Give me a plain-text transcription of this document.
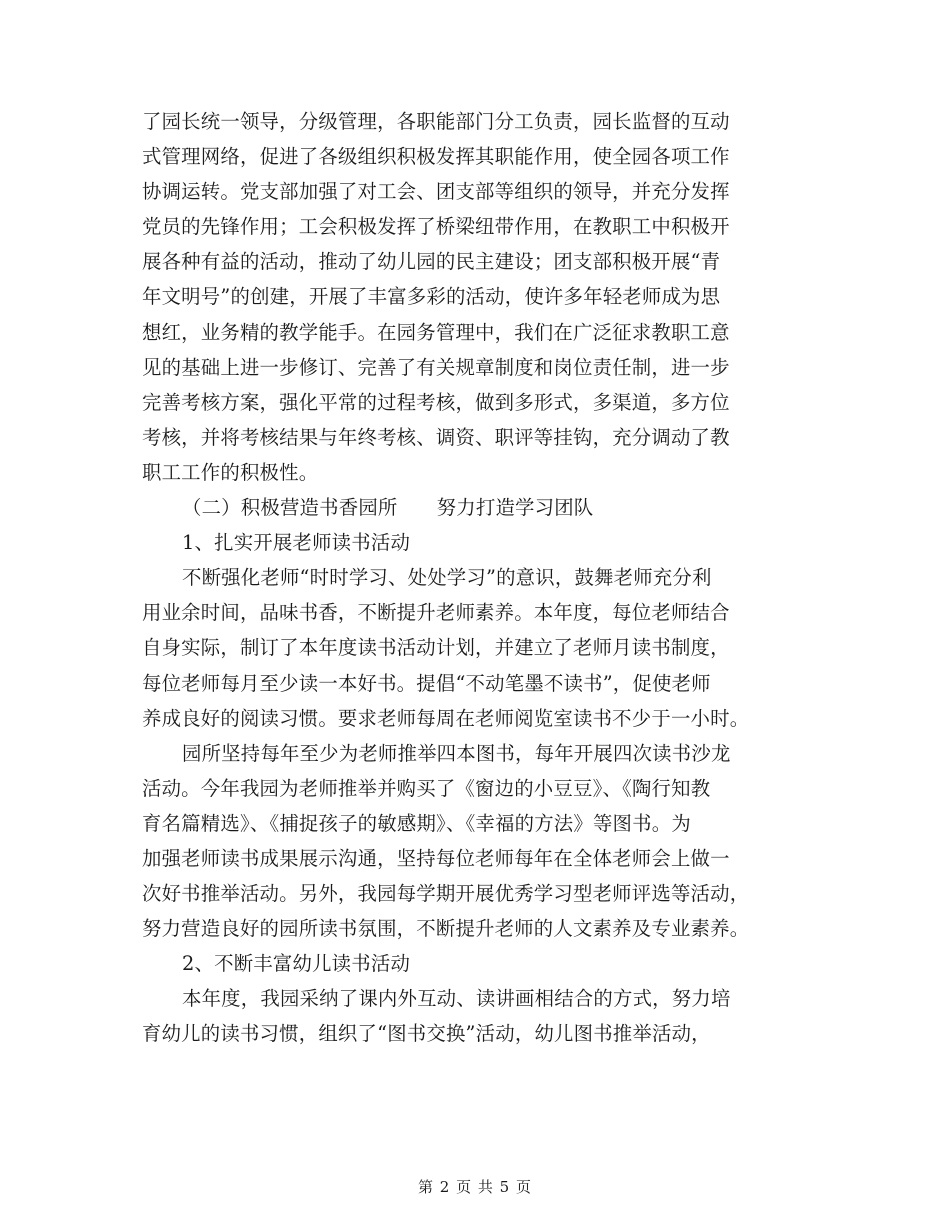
了园长统一领导，分级管理，各职能部门分工负责，园长监督的互动
式管理网络，促进了各级组织积极发挥其职能作用，使全园各项工作
协调运转。党支部加强了对工会、团支部等组织的领导，并充分发挥
党员的先锋作用；工会积极发挥了桥梁纽带作用，在教职工中积极开
展各种有益的活动，推动了幼儿园的民主建设；团支部积极开展“青
年文明号”的创建，开展了丰富多彩的活动，使许多年轻老师成为思
想红，业务精的教学能手。在园务管理中，我们在广泛征求教职工意
见的基础上进一步修订、完善了有关规章制度和岗位责任制，进一步
完善考核方案，强化平常的过程考核，做到多形式，多渠道，多方位
考核，并将考核结果与年终考核、调资、职评等挂钩，充分调动了教
职工工作的积极性。
（二）积极营造书香园所　　努力打造学习团队
1、扎实开展老师读书活动
不断强化老师“时时学习、处处学习”的意识，鼓舞老师充分利
用业余时间，品味书香，不断提升老师素养。本年度，每位老师结合
自身实际，制订了本年度读书活动计划，并建立了老师月读书制度，
每位老师每月至少读一本好书。提倡“不动笔墨不读书”，促使老师
养成良好的阅读习惯。要求老师每周在老师阅览室读书不少于一小时。
园所坚持每年至少为老师推举四本图书，每年开展四次读书沙龙
活动。今年我园为老师推举并购买了《窗边的小豆豆》、《陶行知教
育名篇精选》、《捕捉孩子的敏感期》、《幸福的方法》等图书。为
加强老师读书成果展示沟通，坚持每位老师每年在全体老师会上做一
次好书推举活动。另外，我园每学期开展优秀学习型老师评选等活动，
努力营造良好的园所读书氛围，不断提升老师的人文素养及专业素养。
2、不断丰富幼儿读书活动
本年度，我园采纳了课内外互动、读讲画相结合的方式，努力培
育幼儿的读书习惯，组织了“图书交换”活动，幼儿图书推举活动，
第 2 页 共 5 页
